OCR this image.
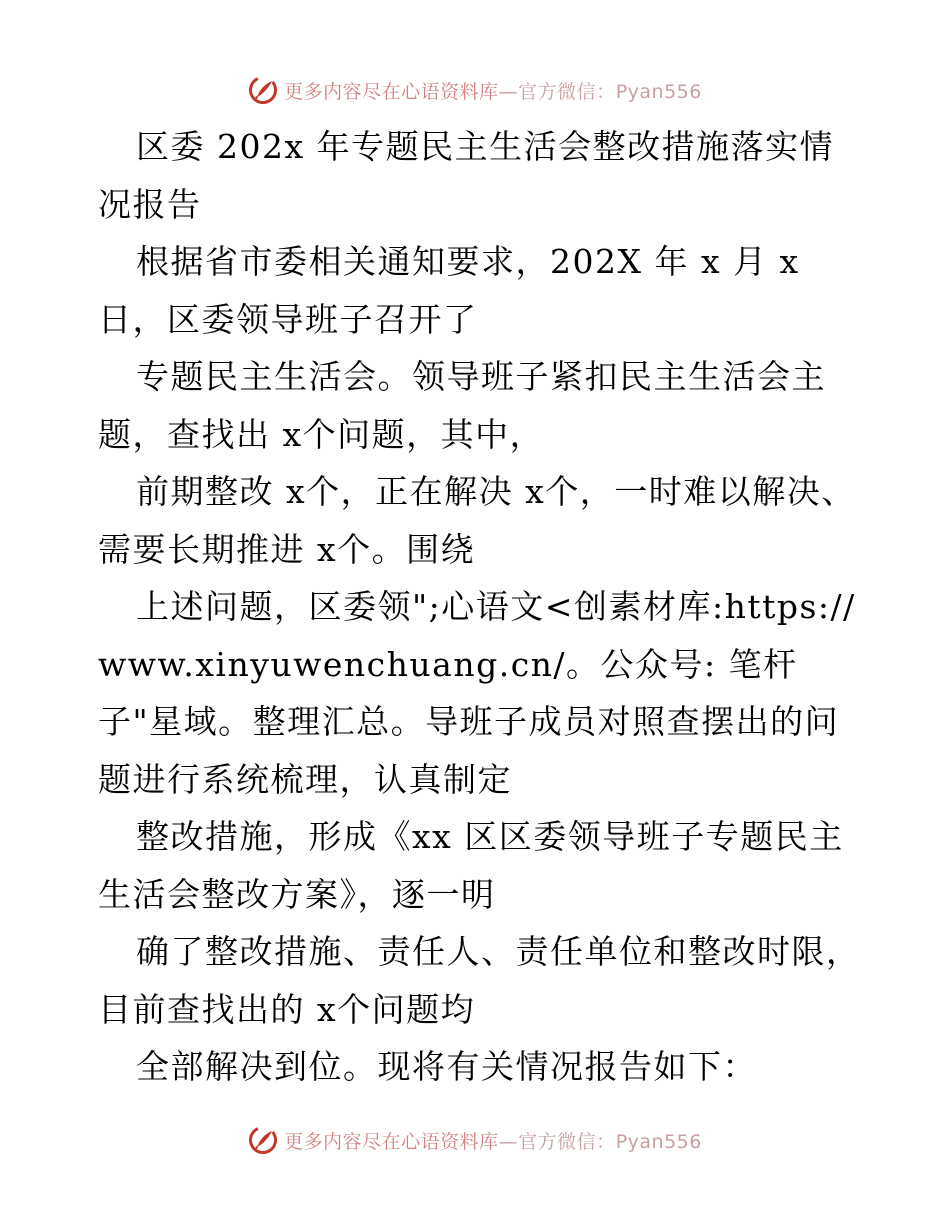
更多内容尽在心语资料库—官方微信：Pyan556

区委 202x 年专题民主生活会整改措施落实情况报告

根据省市委相关通知要求，202X 年 x 月 x 日，区委领导班子召开了

专题民主生活会。领导班子紧扣民主生活会主题，查找出 x个问题，其中，

前期整改 x个，正在解决 x个，一时难以解决、需要长期推进 x个。围绕

上述问题，区委领";心语文<创素材库:https://www.xinyuwenchuang.cn/。公众号: 笔杆子"星域。整理汇总。导班子成员对照查摆出的问题进行系统梳理，认真制定

整改措施，形成《xx 区区委领导班子专题民主生活会整改方案》，逐一明

确了整改措施、责任人、责任单位和整改时限，目前查找出的 x个问题均

全部解决到位。现将有关情况报告如下：

更多内容尽在心语资料库—官方微信：Pyan556
